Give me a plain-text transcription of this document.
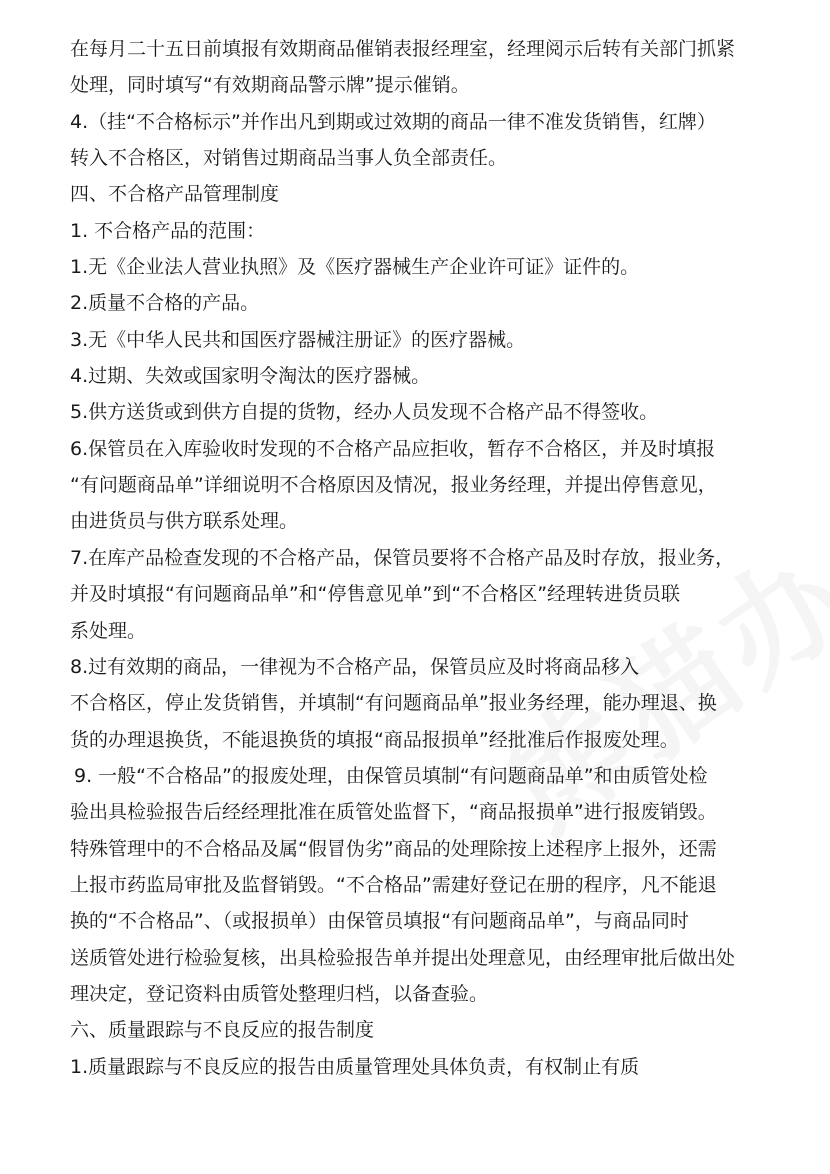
在每月二十五日前填报有效期商品催销表报经理室，经理阅示后转有关部门抓紧

处理，同时填写“有效期商品警示牌”提示催销。

4.（挂“不合格标示”并作出凡到期或过效期的商品一律不准发货销售，红牌）

转入不合格区，对销售过期商品当事人负全部责任。

四、不合格产品管理制度

1. 不合格产品的范围：

1.无《企业法人营业执照》及《医疗器械生产企业许可证》证件的。

2.质量不合格的产品。

3.无《中华人民共和国医疗器械注册证》的医疗器械。

4.过期、失效或国家明令淘汰的医疗器械。

5.供方送货或到供方自提的货物，经办人员发现不合格产品不得签收。

6.保管员在入库验收时发现的不合格产品应拒收，暂存不合格区，并及时填报

“有问题商品单”详细说明不合格原因及情况，报业务经理，并提出停售意见，

由进货员与供方联系处理。

7.在库产品检查发现的不合格产品，保管员要将不合格产品及时存放，报业务，

并及时填报“有问题商品单”和“停售意见单”到“不合格区”经理转进货员联

系处理。

8.过有效期的商品，一律视为不合格产品，保管员应及时将商品移入

不合格区，停止发货销售，并填制“有问题商品单”报业务经理，能办理退、换

货的办理退换货，不能退换货的填报“商品报损单”经批准后作报废处理。

9. 一般“不合格品”的报废处理，由保管员填制“有问题商品单”和由质管处检

验出具检验报告后经经理批准在质管处监督下，“商品报损单”进行报废销毁。

特殊管理中的不合格品及属“假冒伪劣”商品的处理除按上述程序上报外，还需

上报市药监局审批及监督销毁。“不合格品”需建好登记在册的程序，凡不能退

换的“不合格品”、（或报损单）由保管员填报“有问题商品单”，与商品同时

送质管处进行检验复核，出具检验报告单并提出处理意见，由经理审批后做出处

理决定，登记资料由质管处整理归档，以备查验。

六、质量跟踪与不良反应的报告制度

1.质量跟踪与不良反应的报告由质量管理处具体负责，有权制止有质
